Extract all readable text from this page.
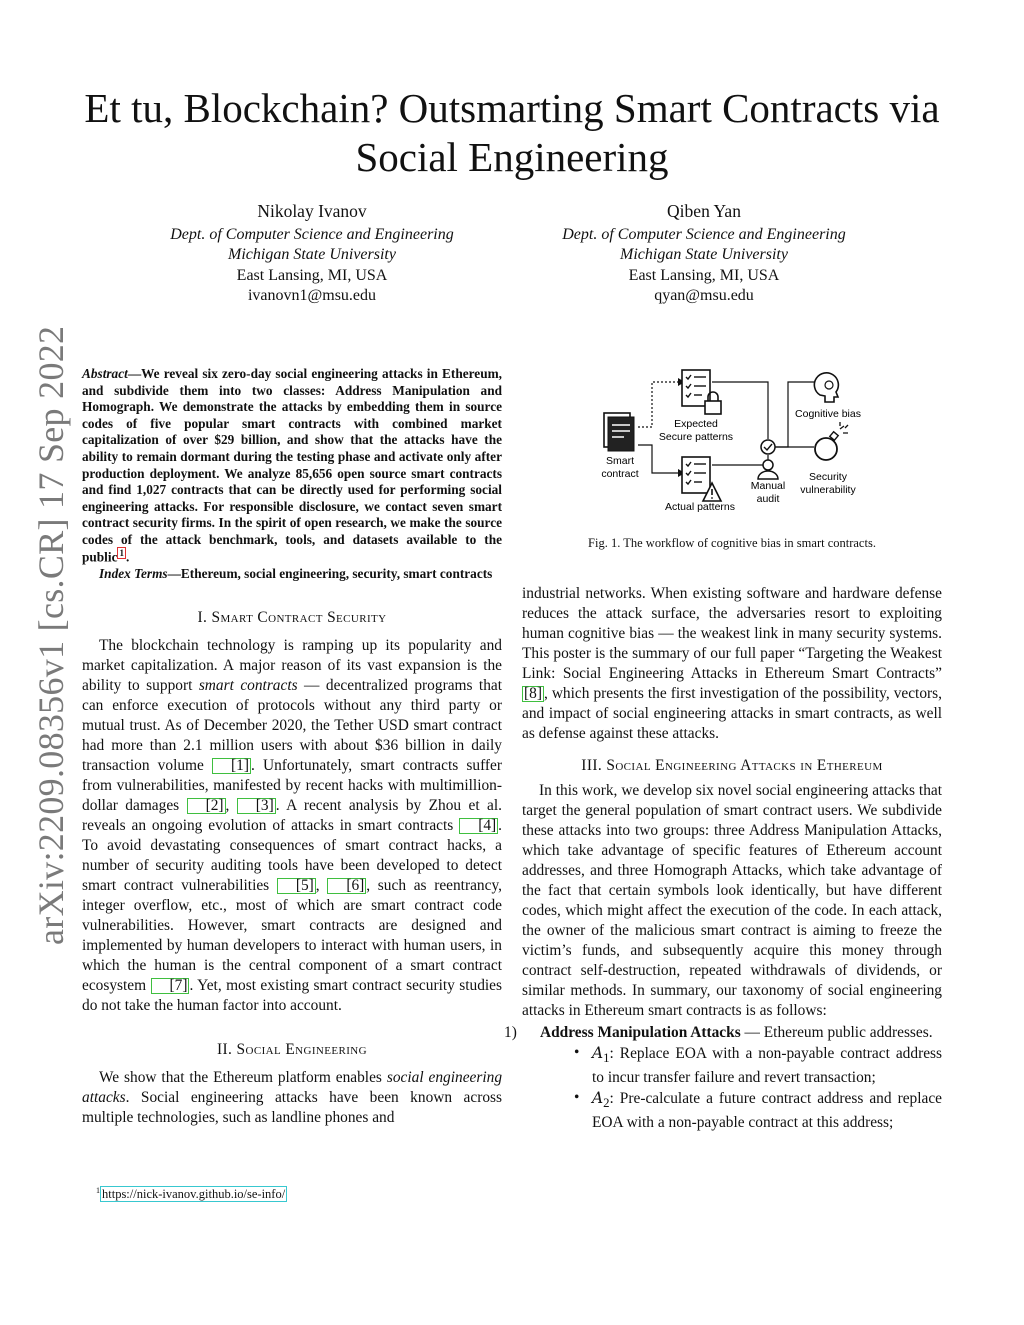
arXiv:2209.08356v1 [cs.CR] 17 Sep 2022
Et tu, Blockchain? Outsmarting Smart Contracts via Social Engineering
Nikolay Ivanov
Dept. of Computer Science and Engineering
Michigan State University
East Lansing, MI, USA
ivanovn1@msu.edu
Qiben Yan
Dept. of Computer Science and Engineering
Michigan State University
East Lansing, MI, USA
qyan@msu.edu

Abstract—We reveal six zero-day social engineering attacks in Ethereum, and subdivide them into two classes: Address Manipulation and Homograph. We demonstrate the attacks by embedding them in source codes of five popular smart contracts with combined market capitalization of over $29 billion, and show that the attacks have the ability to remain dormant during the testing phase and activate only after production deployment. We analyze 85,656 open source smart contracts and find 1,027 contracts that can be directly used for performing social engineering attacks. For responsible disclosure, we contact seven smart contract security firms. In the spirit of open research, we make the source codes of the attack benchmark, tools, and datasets available to the public $^1$ .

Index Terms—Ethereum, social engineering, security, smart contracts

I. Smart Contract Security

The blockchain technology is ramping up its popularity and market capitalization. A major reason of its vast expansion is the ability to support smart contracts — decentralized programs that can enforce execution of protocols without any third party or mutual trust. As of December 2020, the Tether USD smart contract had more than 2.1 million users with about $36 billion in daily transaction volume [1] . Unfortunately, smart contracts suffer from vulnerabilities, manifested by recent hacks with multimillion-dollar damages [2] , [3] . A recent analysis by Zhou et al. reveals an ongoing evolution of attacks in smart contracts [4] . To avoid devastating consequences of smart contract hacks, a number of security auditing tools have been developed to detect smart contract vulnerabilities [5] , [6] , such as reentrancy, integer overflow, etc., most of which are smart contract code vulnerabilities. However, smart contracts are designed and implemented by human developers to interact with human users, in which the human is the central component of a smart contract ecosystem [7] . Yet, most existing smart contract security studies do not take the human factor into account.

II. Social Engineering

We show that the Ethereum platform enables social engineering attacks. Social engineering attacks have been known across multiple technologies, such as landline phones and

$^1$ https://nick-ivanov.github.io/se-info/
Smart
contract
Expected
Secure patterns
Actual patterns
Manual
audit
Cognitive bias
Security
vulnerability
Fig. 1. The workflow of cognitive bias in smart contracts.

industrial networks. When existing software and hardware defense reduces the attack surface, the adversaries resort to exploiting human cognitive bias — the weakest link in many security systems. This poster is the summary of our full paper “Targeting the Weakest Link: Social Engineering Attacks in Ethereum Smart Contracts” [8] , which presents the first investigation of the possibility, vectors, and impact of social engineering attacks in smart contracts, as well as defense against these attacks.

III. Social Engineering Attacks in Ethereum

In this work, we develop six novel social engineering attacks that target the general population of smart contract users. We subdivide these attacks into two groups: three Address Manipulation Attacks, which take advantage of specific features of Ethereum account addresses, and three Homograph Attacks, which take advantage of the fact that certain symbols look identically, but have different codes, which might affect the execution of the code. In each attack, the owner of the malicious smart contract is aiming to freeze the victim’s funds, and subsequently acquire this money through contract self-destruction, repeated withdrawals of dividends, or similar methods. In summary, our taxonomy of social engineering attacks in Ethereum smart contracts is as follows:

1) Address Manipulation Attacks — Ethereum public addresses.

• $A_1$: Replace EOA with a non-payable contract address to incur transfer failure and revert transaction;
• $A_2$: Pre-calculate a future contract address and replace EOA with a non-payable contract at this address;
